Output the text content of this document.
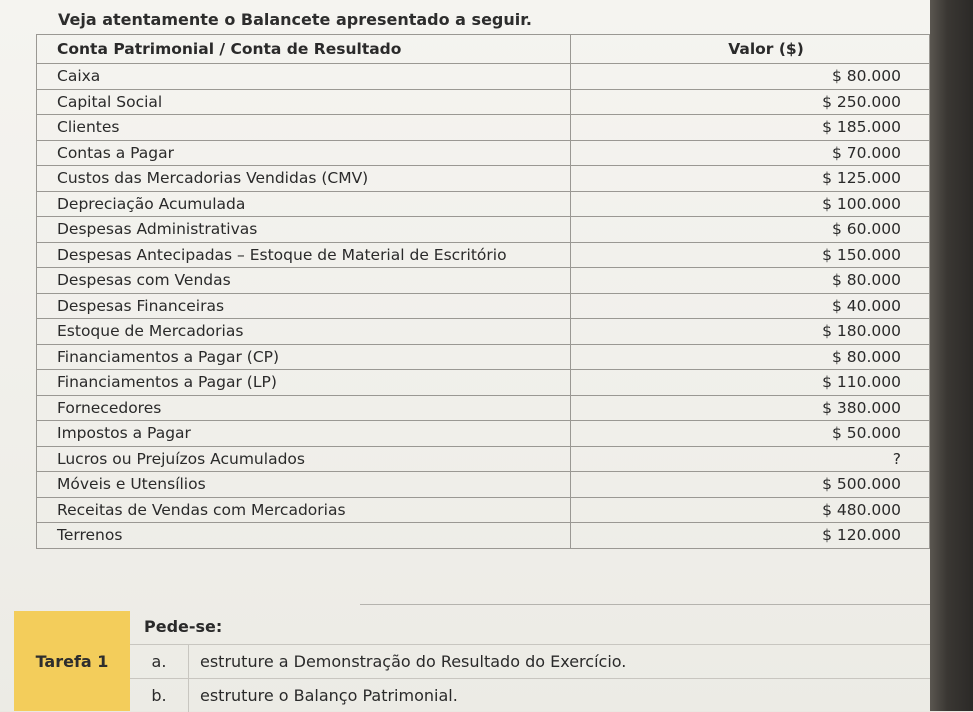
Veja atentamente o Balancete apresentado a seguir.
Conta Patrimonial / Conta de Resultado	Valor ($)
Caixa	$ 80.000
Capital Social	$ 250.000
Clientes	$ 185.000
Contas a Pagar	$ 70.000
Custos das Mercadorias Vendidas (CMV)	$ 125.000
Depreciação Acumulada	$ 100.000
Despesas Administrativas	$ 60.000
Despesas Antecipadas – Estoque de Material de Escritório	$ 150.000
Despesas com Vendas	$ 80.000
Despesas Financeiras	$ 40.000
Estoque de Mercadorias	$ 180.000
Financiamentos a Pagar (CP)	$ 80.000
Financiamentos a Pagar (LP)	$ 110.000
Fornecedores	$ 380.000
Impostos a Pagar	$ 50.000
Lucros ou Prejuízos Acumulados	?
Móveis e Utensílios	$ 500.000
Receitas de Vendas com Mercadorias	$ 480.000
Terrenos	$ 120.000
Tarefa 1
Pede-se:
a.	estruture a Demonstração do Resultado do Exercício.
b.	estruture o Balanço Patrimonial.
